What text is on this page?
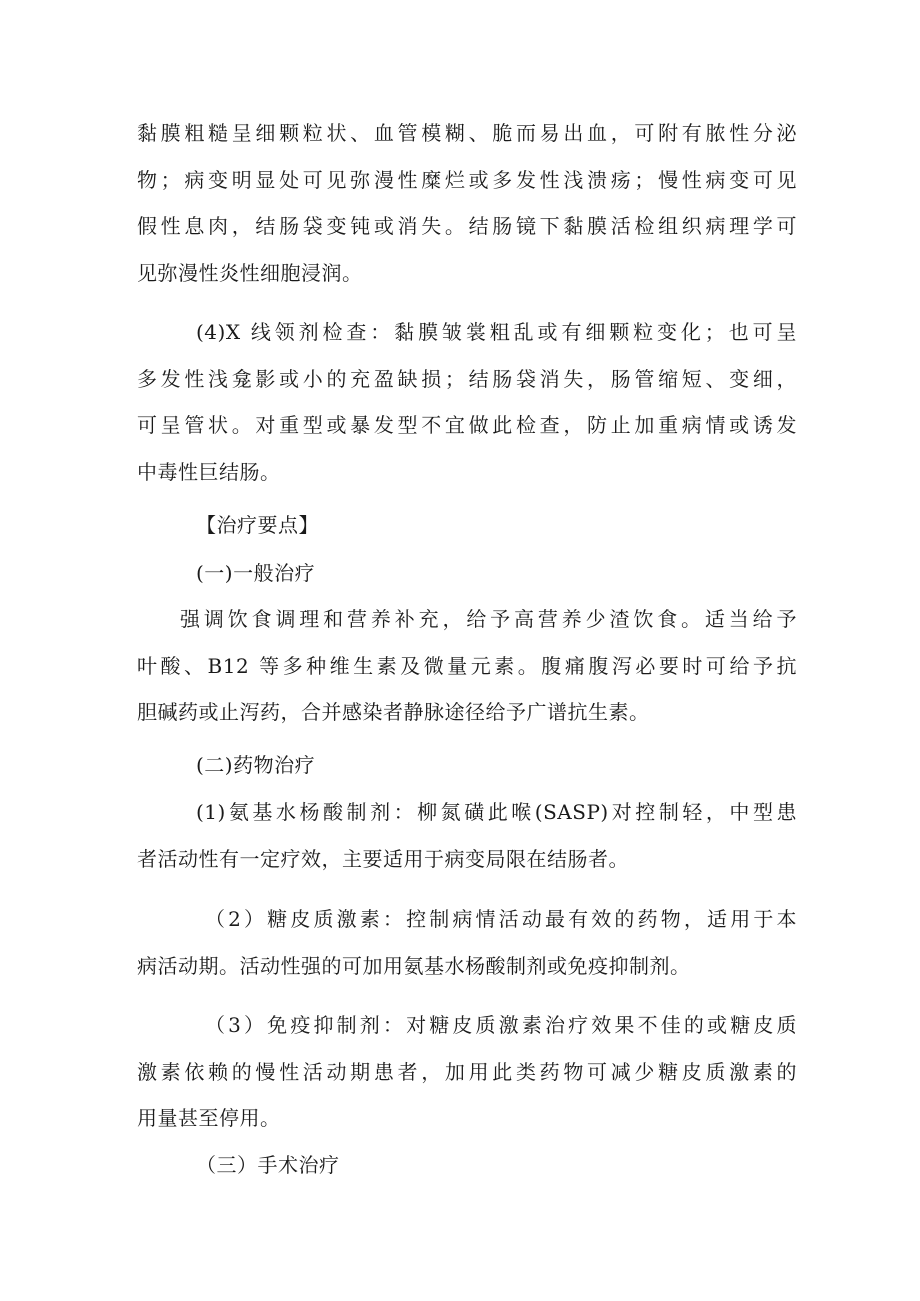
黏膜粗糙呈细颗粒状、血管模糊、脆而易出血，可附有脓性分泌
物；病变明显处可见弥漫性糜烂或多发性浅溃疡；慢性病变可见
假性息肉，结肠袋变钝或消失。结肠镜下黏膜活检组织病理学可
见弥漫性炎性细胞浸润。
(4)X 线领剂检查：黏膜皱裳粗乱或有细颗粒变化；也可呈
多发性浅龛影或小的充盈缺损；结肠袋消失，肠管缩短、变细，
可呈管状。对重型或暴发型不宜做此检查，防止加重病情或诱发
中毒性巨结肠。
【治疗要点】
(一)一般治疗
强调饮食调理和营养补充，给予高营养少渣饮食。适当给予
叶酸、B12 等多种维生素及微量元素。腹痛腹泻必要时可给予抗
胆碱药或止泻药，合并感染者静脉途径给予广谱抗生素。
(二)药物治疗
(1)氨基水杨酸制剂：柳氮磺此喉(SASP)对控制轻，中型患
者活动性有一定疗效，主要适用于病变局限在结肠者。
（2）糖皮质激素：控制病情活动最有效的药物，适用于本
病活动期。活动性强的可加用氨基水杨酸制剂或免疫抑制剂。
（3）免疫抑制剂：对糖皮质激素治疗效果不佳的或糖皮质
激素依赖的慢性活动期患者，加用此类药物可减少糖皮质激素的
用量甚至停用。
（三）手术治疗
